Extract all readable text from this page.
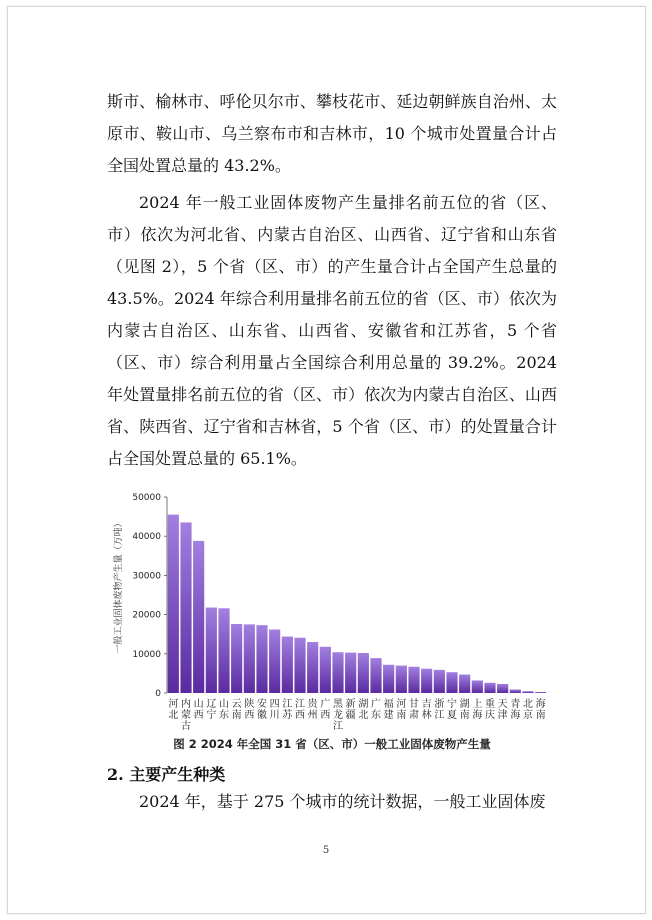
斯市、榆林市、呼伦贝尔市、攀枝花市、延边朝鲜族自治州、太原市、鞍山市、乌兰察布市和吉林市，10 个城市处置量合计占全国处置总量的 43.2%。

2024 年一般工业固体废物产生量排名前五位的省（区、市）依次为河北省、内蒙古自治区、山西省、辽宁省和山东省（见图 2），5 个省（区、市）的产生量合计占全国产生总量的 43.5%。2024 年综合利用量排名前五位的省（区、市）依次为内蒙古自治区、山东省、山西省、安徽省和江苏省，5 个省（区、市）综合利用量占全国综合利用总量的 39.2%。2024 年处置量排名前五位的省（区、市）依次为内蒙古自治区、山西省、陕西省、辽宁省和吉林省，5 个省（区、市）的处置量合计占全国处置总量的 65.1%。

0
10000
20000
30000
40000
50000
河北
内蒙古
山西
辽宁
山东
云南
陕西
安徽
四川
江苏
江西
贵州
广西
黑龙江
新疆
湖北
广东
福建
河南
甘肃
吉林
浙江
宁夏
湖南
上海
重庆
天津
青海
北京
海南
一般工业固体废物产生量（万吨）
图 2 2024 年全国 31 省（区、市）一般工业固体废物产生量
2. 主要产生种类

2024 年，基于 275 个城市的统计数据，一般工业固体废

5
